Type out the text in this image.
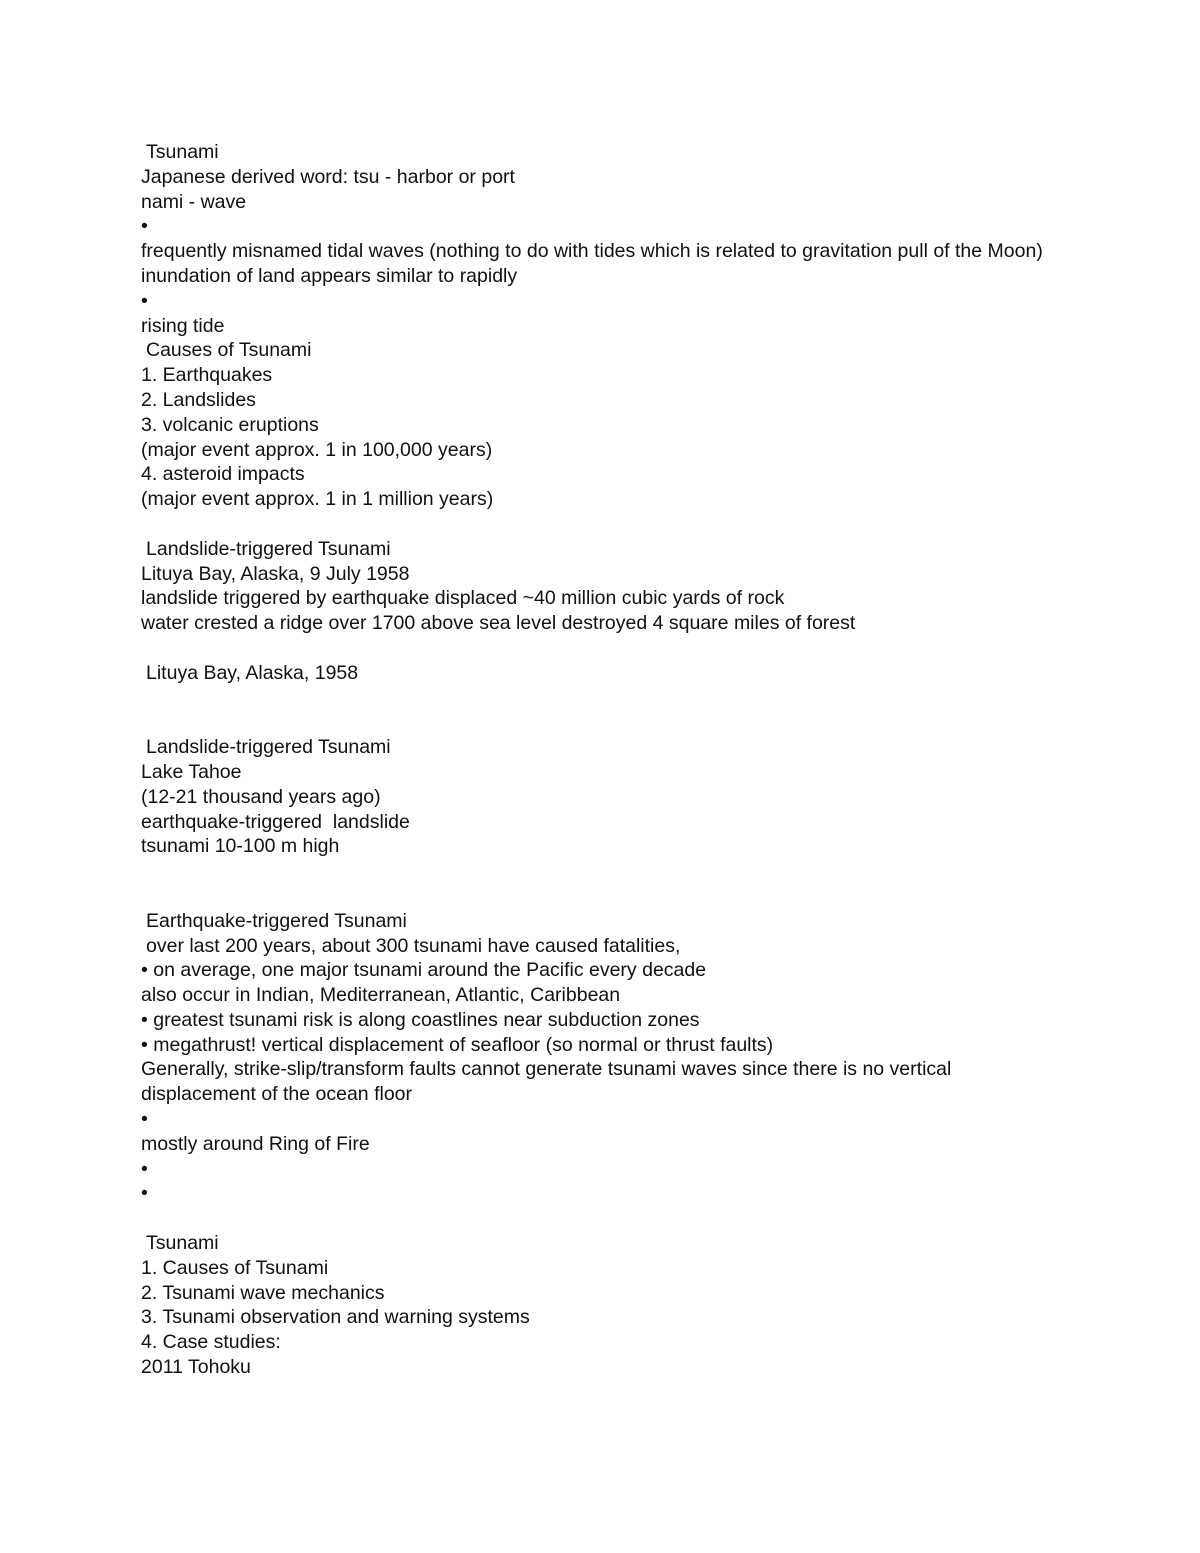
Tsunami
Japanese derived word: tsu - harbor or port
nami - wave
•
frequently misnamed tidal waves (nothing to do with tides which is related to gravitation pull of the Moon)
inundation of land appears similar to rapidly
•
rising tide
Causes of Tsunami
1. Earthquakes
2. Landslides
3. volcanic eruptions
(major event approx. 1 in 100,000 years)
4. asteroid impacts
(major event approx. 1 in 1 million years)
Landslide-triggered Tsunami
Lituya Bay, Alaska, 9 July 1958
landslide triggered by earthquake displaced ~40 million cubic yards of rock
water crested a ridge over 1700 above sea level destroyed 4 square miles of forest
Lituya Bay, Alaska, 1958
Landslide-triggered Tsunami
Lake Tahoe
(12-21 thousand years ago)
earthquake-triggered  landslide
tsunami 10-100 m high
Earthquake-triggered Tsunami
over last 200 years, about 300 tsunami have caused fatalities,
• on average, one major tsunami around the Pacific every decade
also occur in Indian, Mediterranean, Atlantic, Caribbean
• greatest tsunami risk is along coastlines near subduction zones
• megathrust! vertical displacement of seafloor (so normal or thrust faults)
Generally, strike-slip/transform faults cannot generate tsunami waves since there is no vertical displacement of the ocean floor
•
mostly around Ring of Fire
•
•
Tsunami
1. Causes of Tsunami
2. Tsunami wave mechanics
3. Tsunami observation and warning systems
4. Case studies:
2011 Tohoku
